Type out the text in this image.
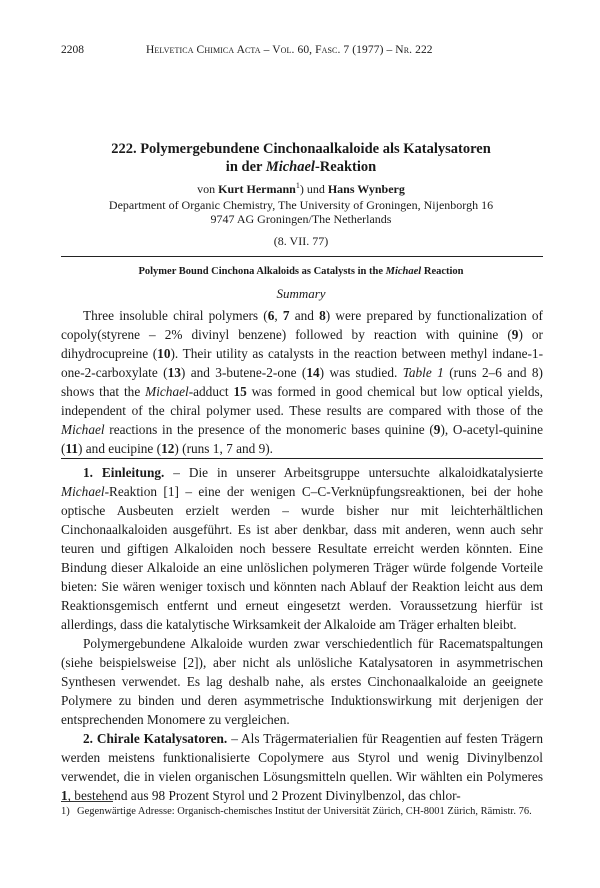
2208	Helvetica Chimica Acta – Vol. 60, Fasc. 7 (1977) – Nr. 222
222. Polymergebundene Cinchonaalkaloide als Katalysatoren
in der Michael-Reaktion
von Kurt Hermann$^1$) und Hans Wynberg
Department of Organic Chemistry, The University of Groningen, Nijenborgh 16
9747 AG Groningen/The Netherlands
(8. VII. 77)
Polymer Bound Cinchona Alkaloids as Catalysts in the Michael Reaction
Summary

Three insoluble chiral polymers (6, 7 and 8) were prepared by functionalization of copoly(styrene – 2% divinyl benzene) followed by reaction with quinine (9) or dihydrocupreine (10). Their utility as catalysts in the reaction between methyl indane-1-one-2-carboxylate (13) and 3-butene-2-one (14) was studied. Table 1 (runs 2–6 and 8) shows that the Michael-adduct 15 was formed in good chemical but low optical yields, independent of the chiral polymer used. These results are compared with those of the Michael reactions in the presence of the monomeric bases quinine (9), O-acetyl-quinine (11) and eucipine (12) (runs 1, 7 and 9).

1. Einleitung. – Die in unserer Arbeitsgruppe untersuchte alkaloidkatalysierte Michael-Reaktion [1] – eine der wenigen C–C-Verknüpfungsreaktionen, bei der hohe optische Ausbeuten erzielt werden – wurde bisher nur mit leichterhältlichen Cinchonaalkaloiden ausgeführt. Es ist aber denkbar, dass mit anderen, wenn auch sehr teuren und giftigen Alkaloiden noch bessere Resultate erreicht werden könnten. Eine Bindung dieser Alkaloide an eine unlöslichen polymeren Träger würde folgende Vorteile bieten: Sie wären weniger toxisch und könnten nach Ablauf der Reaktion leicht aus dem Reaktionsgemisch entfernt und erneut eingesetzt werden. Voraussetzung hierfür ist allerdings, dass die katalytische Wirksamkeit der Alkaloide am Träger erhalten bleibt.

Polymergebundene Alkaloide wurden zwar verschiedentlich für Racematspaltungen (siehe beispielsweise [2]), aber nicht als unlösliche Katalysatoren in asymmetrischen Synthesen verwendet. Es lag deshalb nahe, als erstes Cinchonaalkaloide an geeignete Polymere zu binden und deren asymmetrische Induktionswirkung mit derjenigen der entsprechenden Monomere zu vergleichen.

2. Chirale Katalysatoren. – Als Trägermaterialien für Reagentien auf festen Trägern werden meistens funktionalisierte Copolymere aus Styrol und wenig Divinylbenzol verwendet, die in vielen organischen Lösungsmitteln quellen. Wir wählten ein Polymeres 1, bestehend aus 98 Prozent Styrol und 2 Prozent Divinylbenzol, das chlor-

1) Gegenwärtige Adresse: Organisch-chemisches Institut der Universität Zürich, CH-8001 Zürich, Rämistr. 76.
